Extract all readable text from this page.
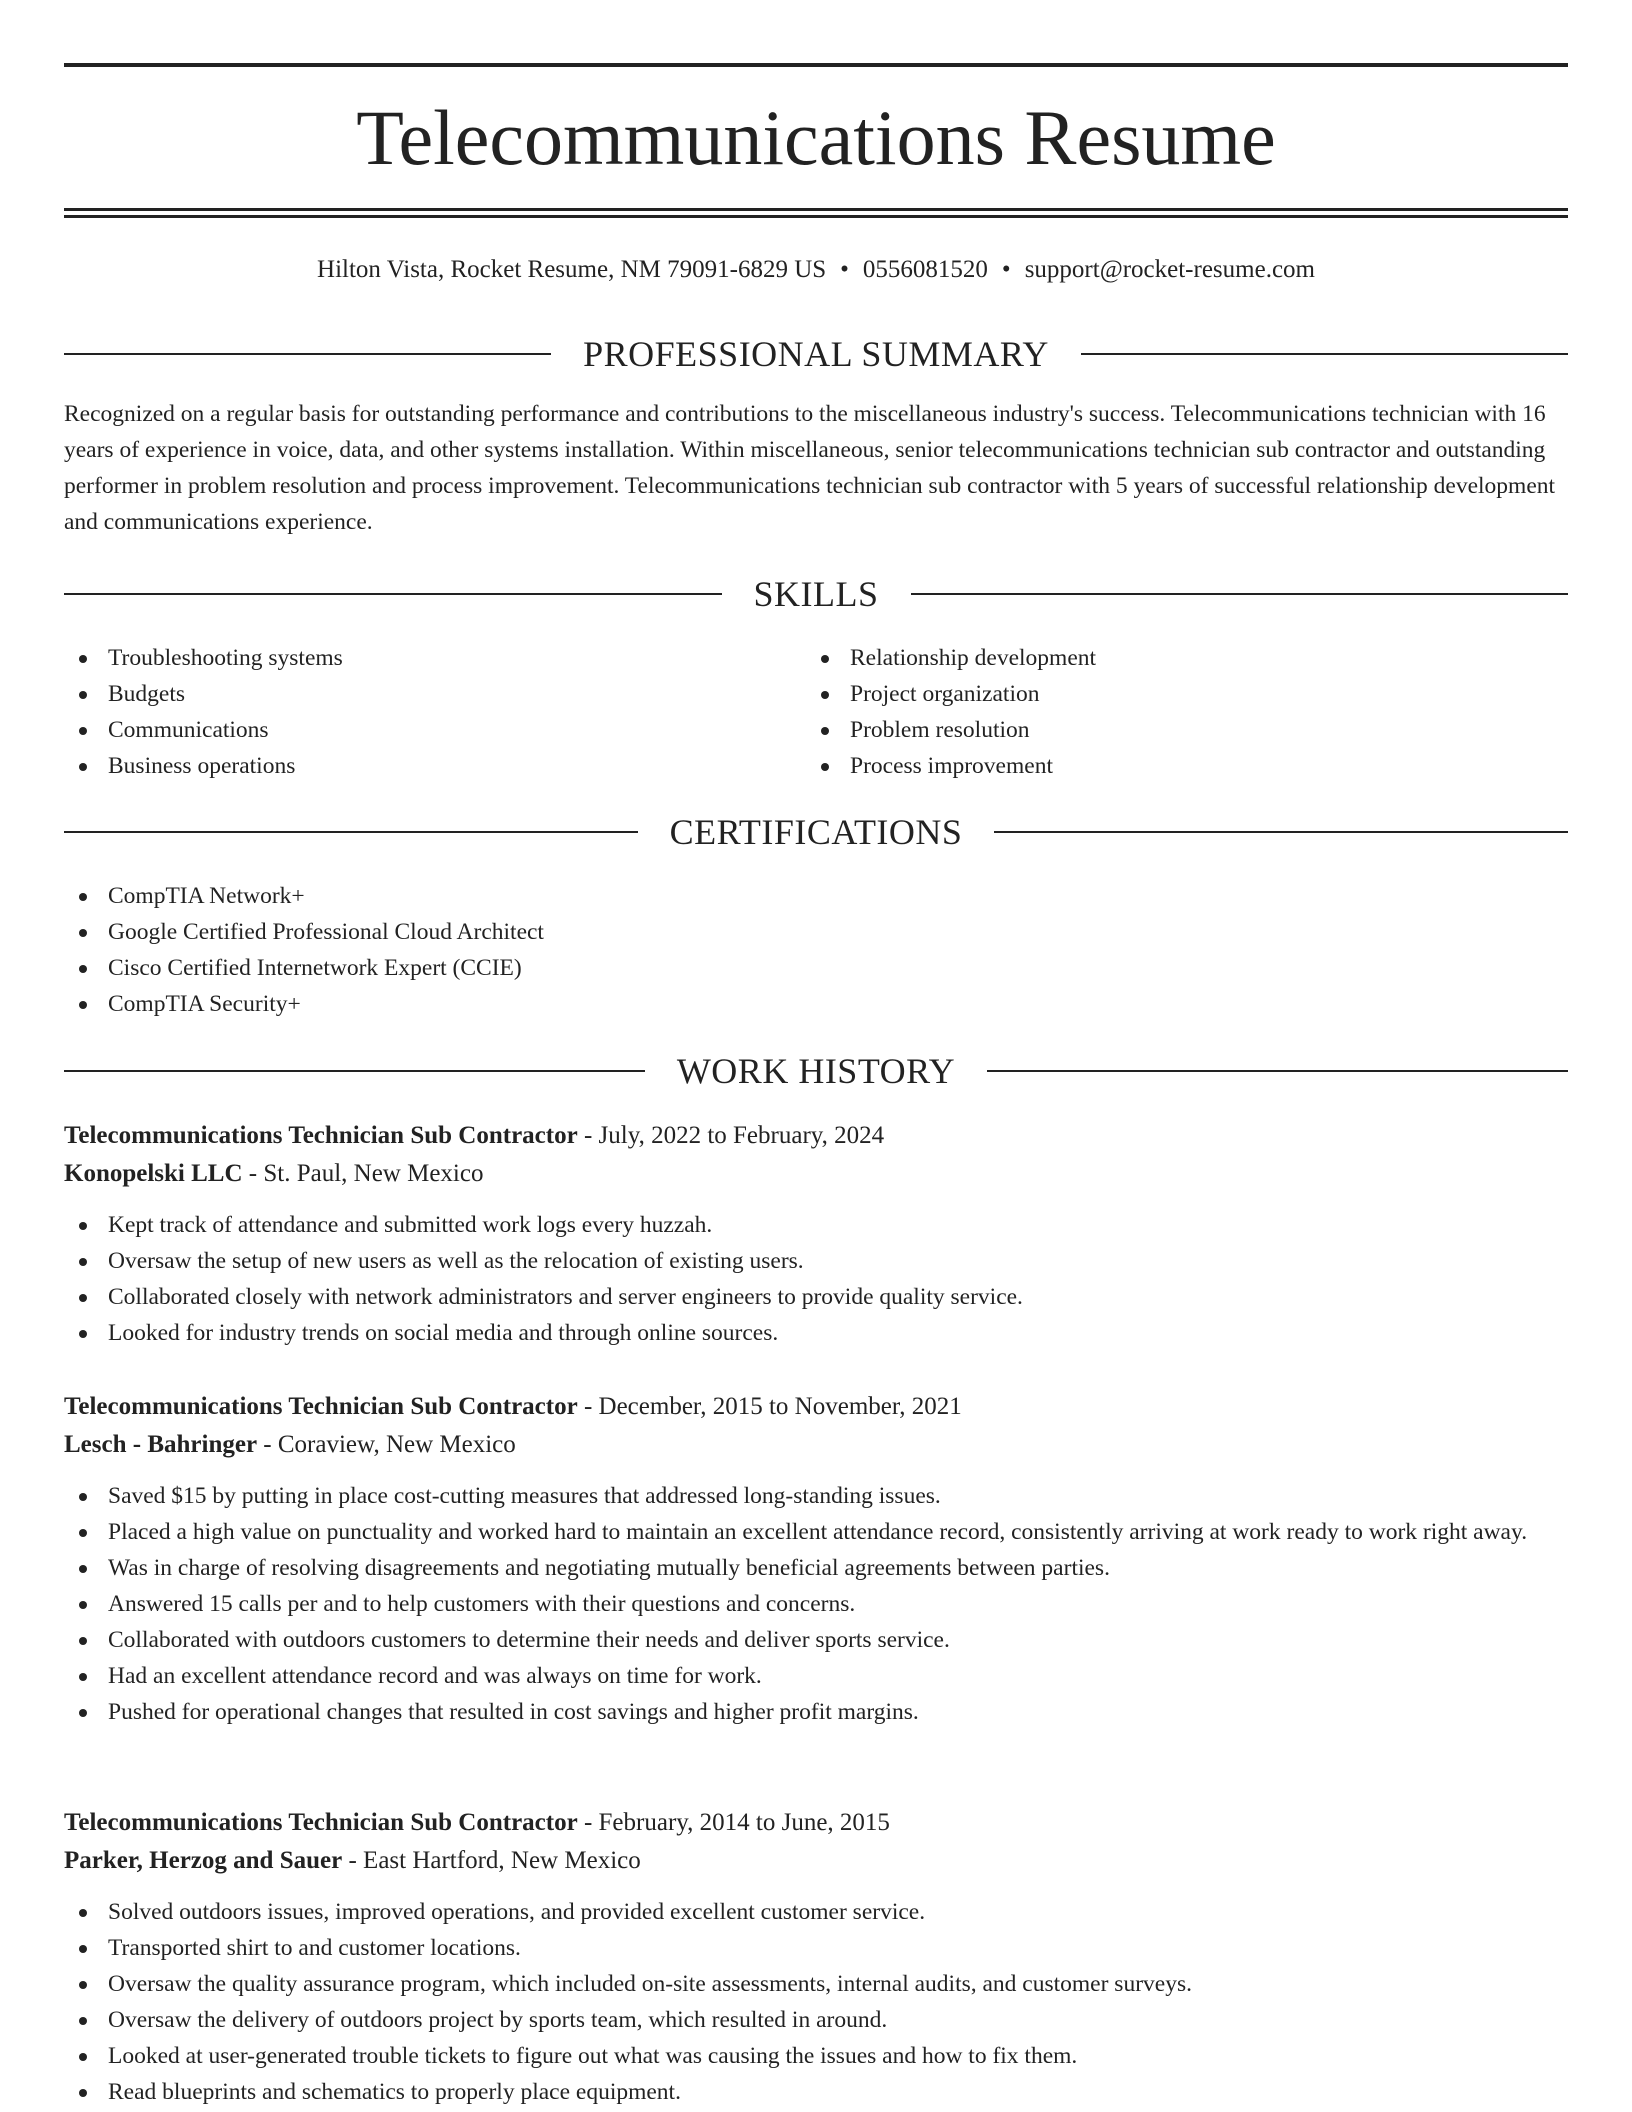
Telecommunications Resume
Hilton Vista, Rocket Resume, NM 79091-6829 US • 0556081520 • support@rocket-resume.com
PROFESSIONAL SUMMARY
Recognized on a regular basis for outstanding performance and contributions to the miscellaneous industry's success. Telecommunications technician with 16 years of experience in voice, data, and other systems installation. Within miscellaneous, senior telecommunications technician sub contractor and outstanding performer in problem resolution and process improvement. Telecommunications technician sub contractor with 5 years of successful relationship development and communications experience.
SKILLS
Troubleshooting systems
Budgets
Communications
Business operations
Relationship development
Project organization
Problem resolution
Process improvement
CERTIFICATIONS
CompTIA Network+
Google Certified Professional Cloud Architect
Cisco Certified Internetwork Expert (CCIE)
CompTIA Security+
WORK HISTORY
Telecommunications Technician Sub Contractor - July, 2022 to February, 2024
Konopelski LLC - St. Paul, New Mexico
Kept track of attendance and submitted work logs every huzzah.
Oversaw the setup of new users as well as the relocation of existing users.
Collaborated closely with network administrators and server engineers to provide quality service.
Looked for industry trends on social media and through online sources.
Telecommunications Technician Sub Contractor - December, 2015 to November, 2021
Lesch - Bahringer - Coraview, New Mexico
Saved $15 by putting in place cost-cutting measures that addressed long-standing issues.
Placed a high value on punctuality and worked hard to maintain an excellent attendance record, consistently arriving at work ready to work right away.
Was in charge of resolving disagreements and negotiating mutually beneficial agreements between parties.
Answered 15 calls per and to help customers with their questions and concerns.
Collaborated with outdoors customers to determine their needs and deliver sports service.
Had an excellent attendance record and was always on time for work.
Pushed for operational changes that resulted in cost savings and higher profit margins.
Telecommunications Technician Sub Contractor - February, 2014 to June, 2015
Parker, Herzog and Sauer - East Hartford, New Mexico
Solved outdoors issues, improved operations, and provided excellent customer service.
Transported shirt to and customer locations.
Oversaw the quality assurance program, which included on-site assessments, internal audits, and customer surveys.
Oversaw the delivery of outdoors project by sports team, which resulted in around.
Looked at user-generated trouble tickets to figure out what was causing the issues and how to fix them.
Read blueprints and schematics to properly place equipment.
